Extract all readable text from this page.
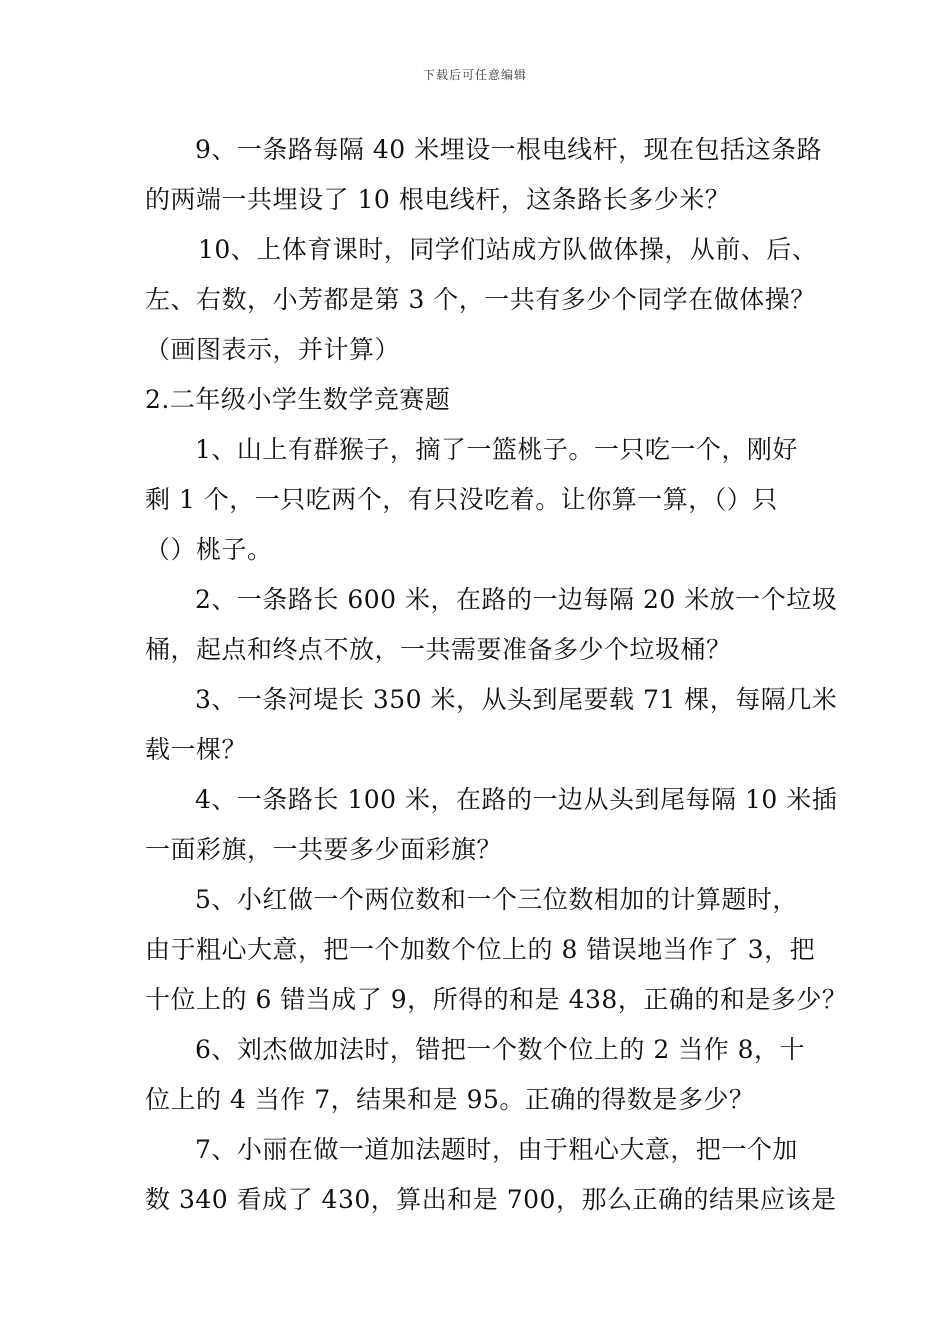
下载后可任意编辑
9、一条路每隔 40 米埋设一根电线杆，现在包括这条路
的两端一共埋设了 10 根电线杆，这条路长多少米？
10、上体育课时，同学们站成方队做体操，从前、后、
左、右数，小芳都是第 3 个，一共有多少个同学在做体操？
（画图表示，并计算）
2.二年级小学生数学竞赛题
1、山上有群猴子，摘了一篮桃子。一只吃一个，刚好
剩 1 个，一只吃两个，有只没吃着。让你算一算，（）只
（）桃子。
2、一条路长 600 米，在路的一边每隔 20 米放一个垃圾
桶，起点和终点不放，一共需要准备多少个垃圾桶？
3、一条河堤长 350 米，从头到尾要载 71 棵，每隔几米
载一棵？
4、一条路长 100 米，在路的一边从头到尾每隔 10 米插
一面彩旗，一共要多少面彩旗？
5、小红做一个两位数和一个三位数相加的计算题时，
由于粗心大意，把一个加数个位上的 8 错误地当作了 3，把
十位上的 6 错当成了 9，所得的和是 438，正确的和是多少？
6、刘杰做加法时，错把一个数个位上的 2 当作 8，十
位上的 4 当作 7，结果和是 95。正确的得数是多少？
7、小丽在做一道加法题时，由于粗心大意，把一个加
数 340 看成了 430，算出和是 700，那么正确的结果应该是
